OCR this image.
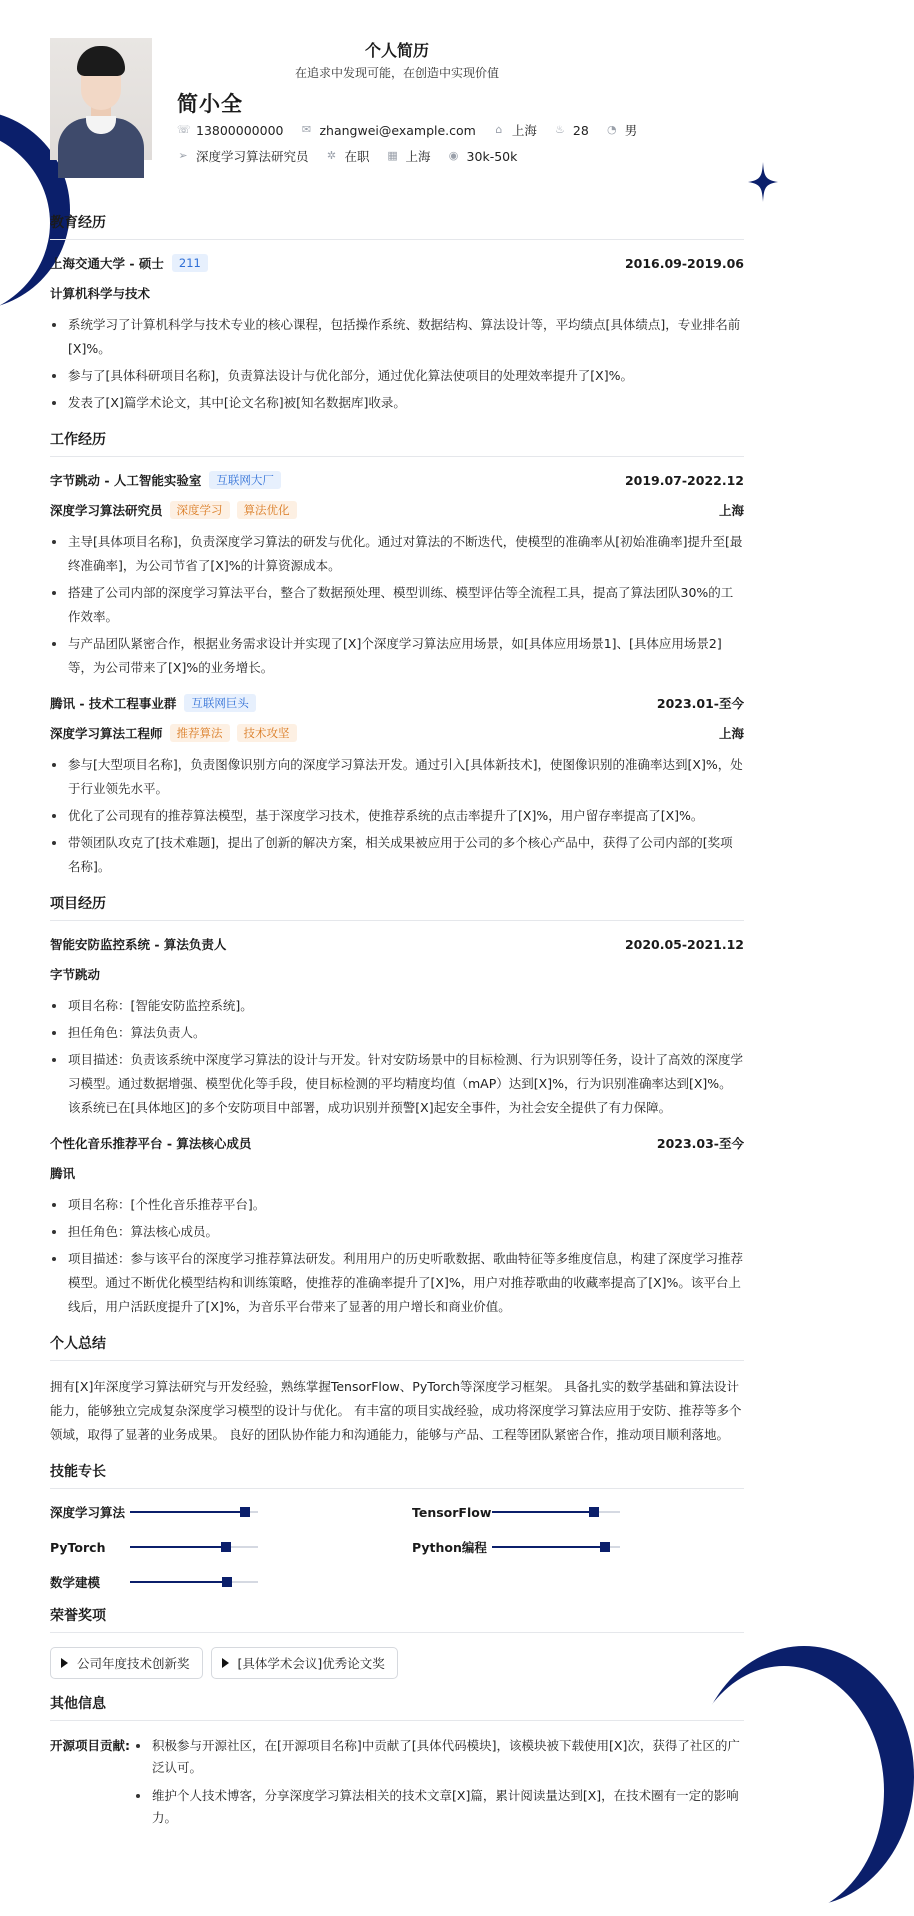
个人简历
在追求中发现可能，在创造中实现价值
简小全
☏ 13800000000 ✉ zhangwei@example.com ⌂ 上海 ♨ 28 ◔ 男
➢ 深度学习算法研究员 ✲ 在职 ▦ 上海 ◉ 30k-50k
教育经历
上海交通大学 - 硕士	211	2016.09-2019.06
计算机科学与技术
系统学习了计算机科学与技术专业的核心课程，包括操作系统、数据结构、算法设计等，平均绩点[具体绩点]，专业排名前[X]%。
参与了[具体科研项目名称]，负责算法设计与优化部分，通过优化算法使项目的处理效率提升了[X]%。
发表了[X]篇学术论文，其中[论文名称]被[知名数据库]收录。
工作经历
字节跳动 - 人工智能实验室	互联网大厂	2019.07-2022.12
深度学习算法研究员	深度学习	算法优化	上海
主导[具体项目名称]，负责深度学习算法的研发与优化。通过对算法的不断迭代，使模型的准确率从[初始准确率]提升至[最终准确率]，为公司节省了[X]%的计算资源成本。
搭建了公司内部的深度学习算法平台，整合了数据预处理、模型训练、模型评估等全流程工具，提高了算法团队30%的工作效率。
与产品团队紧密合作，根据业务需求设计并实现了[X]个深度学习算法应用场景，如[具体应用场景1]、[具体应用场景2]等，为公司带来了[X]%的业务增长。
腾讯 - 技术工程事业群	互联网巨头	2023.01-至今
深度学习算法工程师	推荐算法	技术攻坚	上海
参与[大型项目名称]，负责图像识别方向的深度学习算法开发。通过引入[具体新技术]，使图像识别的准确率达到[X]%，处于行业领先水平。
优化了公司现有的推荐算法模型，基于深度学习技术，使推荐系统的点击率提升了[X]%，用户留存率提高了[X]%。
带领团队攻克了[技术难题]，提出了创新的解决方案，相关成果被应用于公司的多个核心产品中，获得了公司内部的[奖项名称]。
项目经历
智能安防监控系统 - 算法负责人	2020.05-2021.12
字节跳动
项目名称：[智能安防监控系统]。
担任角色：算法负责人。
项目描述：负责该系统中深度学习算法的设计与开发。针对安防场景中的目标检测、行为识别等任务，设计了高效的深度学习模型。通过数据增强、模型优化等手段，使目标检测的平均精度均值（mAP）达到[X]%，行为识别准确率达到[X]%。该系统已在[具体地区]的多个安防项目中部署，成功识别并预警[X]起安全事件，为社会安全提供了有力保障。
个性化音乐推荐平台 - 算法核心成员	2023.03-至今
腾讯
项目名称：[个性化音乐推荐平台]。
担任角色：算法核心成员。
项目描述：参与该平台的深度学习推荐算法研发。利用用户的历史听歌数据、歌曲特征等多维度信息，构建了深度学习推荐模型。通过不断优化模型结构和训练策略，使推荐的准确率提升了[X]%，用户对推荐歌曲的收藏率提高了[X]%。该平台上线后，用户活跃度提升了[X]%，为音乐平台带来了显著的用户增长和商业价值。
个人总结
拥有[X]年深度学习算法研究与开发经验，熟练掌握TensorFlow、PyTorch等深度学习框架。 具备扎实的数学基础和算法设计能力，能够独立完成复杂深度学习模型的设计与优化。 有丰富的项目实战经验，成功将深度学习算法应用于安防、推荐等多个领域，取得了显著的业务成果。 良好的团队协作能力和沟通能力，能够与产品、工程等团队紧密合作，推动项目顺利落地。
技能专长
深度学习算法	TensorFlow
PyTorch	Python编程
数学建模
荣誉奖项
公司年度技术创新奖	[具体学术会议]优秀论文奖
其他信息
开源项目贡献:	积极参与开源社区，在[开源项目名称]中贡献了[具体代码模块]，该模块被下载使用[X]次，获得了社区的广泛认可。
维护个人技术博客，分享深度学习算法相关的技术文章[X]篇，累计阅读量达到[X]，在技术圈有一定的影响力。
